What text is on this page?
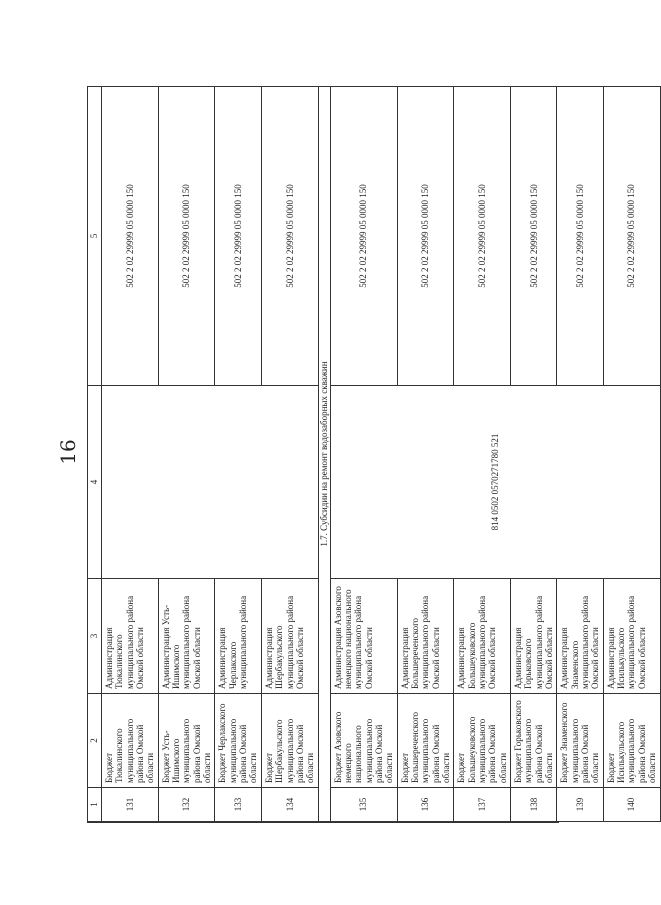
16
1	2	3	4	5
131	Бюджет Тюкалинского муниципального района Омской области	Администрация Тюкалинского муниципального района Омской области		502 2 02 29999 05 0000 150
132	Бюджет Усть-Ишимского муниципального района Омской области	Администрация Усть-Ишимского муниципального района Омской области		502 2 02 29999 05 0000 150
133	Бюджет Черлакского муниципального района Омской области	Администрация Черлакского муниципального района		502 2 02 29999 05 0000 150
134	Бюджет Шербакульского муниципального района Омской области	Администрация Шербакульского муниципального района Омской области		502 2 02 29999 05 0000 150
1.7. Субсидии на ремонт водозаборных скважин				
135	Бюджет Азовского немецкого национального муниципального района Омской области	Администрация Азовского немецкого национального муниципального района Омской области	814 0502 0570271780 521	502 2 02 29999 05 0000 150
136	Бюджет Большереченского муниципального района Омской области	Администрация Большереченского муниципального района Омской области		502 2 02 29999 05 0000 150
137	Бюджет Большеуковского муниципального района Омской области	Администрация Большеуковского муниципального района Омской области		502 2 02 29999 05 0000 150
138	Бюджет Горьковского муниципального района Омской области	Администрация Горьковского муниципального района Омской области		502 2 02 29999 05 0000 150
139	Бюджет Знаменского муниципального района Омской области	Администрация Знаменского муниципального района Омской области		502 2 02 29999 05 0000 150
140	Бюджет Исилькульского муниципального района Омской области	Администрация Исилькульского муниципального района Омской области		502 2 02 29999 05 0000 150
